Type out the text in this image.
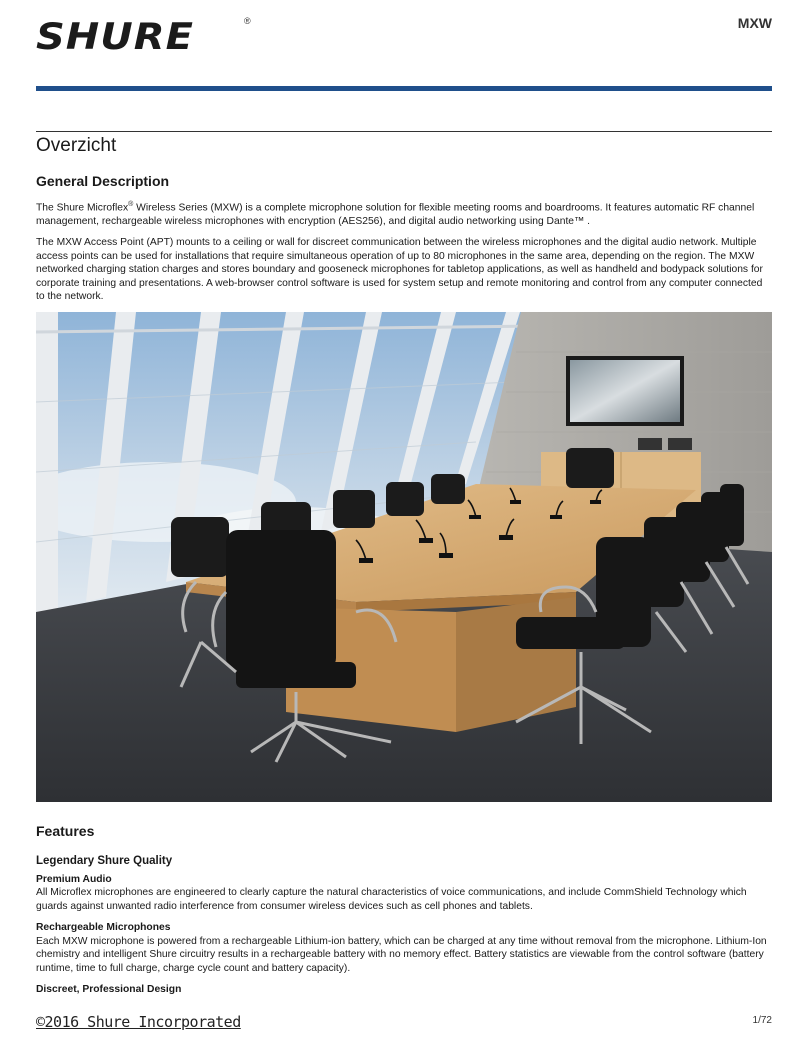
SHURE	®	MXW
Overzicht
General Description

The Shure Microflex® Wireless Series (MXW) is a complete microphone solution for flexible meeting rooms and boardrooms. It features automatic RF channel management, rechargeable wireless microphones with encryption (AES256), and digital audio networking using Dante™ .

The MXW Access Point (APT) mounts to a ceiling or wall for discreet communication between the wireless microphones and the digital audio network. Multiple access points can be used for installations that require simultaneous operation of up to 80 microphones in the same area, depending on the region. The MXW networked charging station charges and stores boundary and gooseneck microphones for tabletop applications, as well as handheld and bodypack solutions for corporate training and presentations. A web-browser control software is used for system setup and remote monitoring and control from any computer connected to the network.

Features
Legendary Shure Quality
Premium Audio

All Microflex microphones are engineered to clearly capture the natural characteristics of voice communications, and include CommShield Technology which guards against unwanted radio interference from consumer wireless devices such as cell phones and tablets.

Rechargeable Microphones

Each MXW microphone is powered from a rechargeable Lithium-ion battery, which can be charged at any time without removal from the microphone. Lithium-Ion chemistry and intelligent Shure circuitry results in a rechargeable battery with no memory effect. Battery statistics are viewable from the control software (battery runtime, time to full charge, charge cycle count and battery capacity).

Discreet, Professional Design
©2016 Shure Incorporated	1/72
